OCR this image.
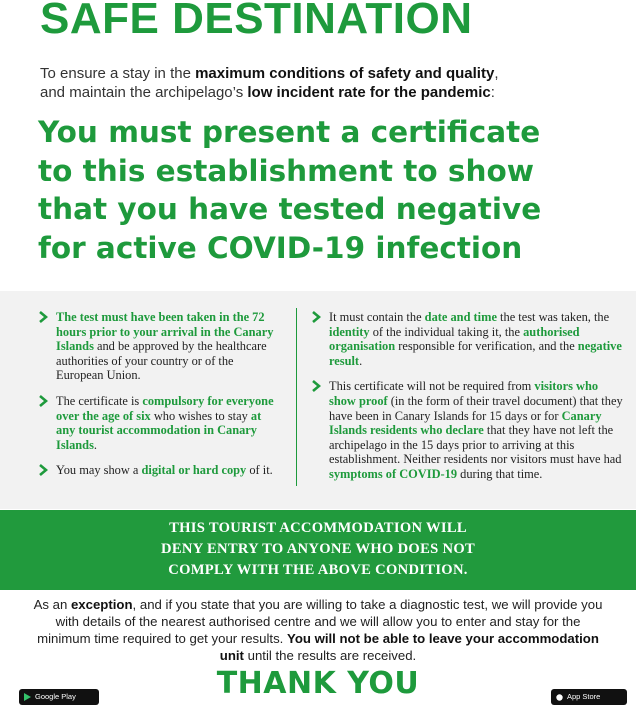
SAFE DESTINATION
To ensure a stay in the maximum conditions of safety and quality,
and maintain the archipelago’s low incident rate for the pandemic:
You must present a certificate
to this establishment to show
that you have tested negative
for active COVID-19 infection
The test must have been taken in the 72 hours prior to your arrival in the Canary Islands and be approved by the healthcare authorities of your country or of the European Union.
The certificate is compulsory for everyone over the age of six who wishes to stay at any tourist accommodation in Canary Islands.
You may show a digital or hard copy of it.
It must contain the date and time the test was taken, the identity of the individual taking it, the authorised organisation responsible for verification, and the negative result.
This certificate will not be required from visitors who show proof (in the form of their travel document) that they have been in Canary Islands for 15 days or for Canary Islands residents who declare that they have not left the archipelago in the 15 days prior to arriving at this establishment. Neither residents nor visitors must have had symptoms of COVID-19 during that time.
THIS TOURIST ACCOMMODATION WILL
DENY ENTRY TO ANYONE WHO DOES NOT
COMPLY WITH THE ABOVE CONDITION.
As an exception, and if you state that you are willing to take a diagnostic test, we will provide you with details of the nearest authorised centre and we will allow you to enter and stay for the minimum time required to get your results. You will not be able to leave your accommodation unit until the results are received.
THANK YOU
Google Play	App Store
